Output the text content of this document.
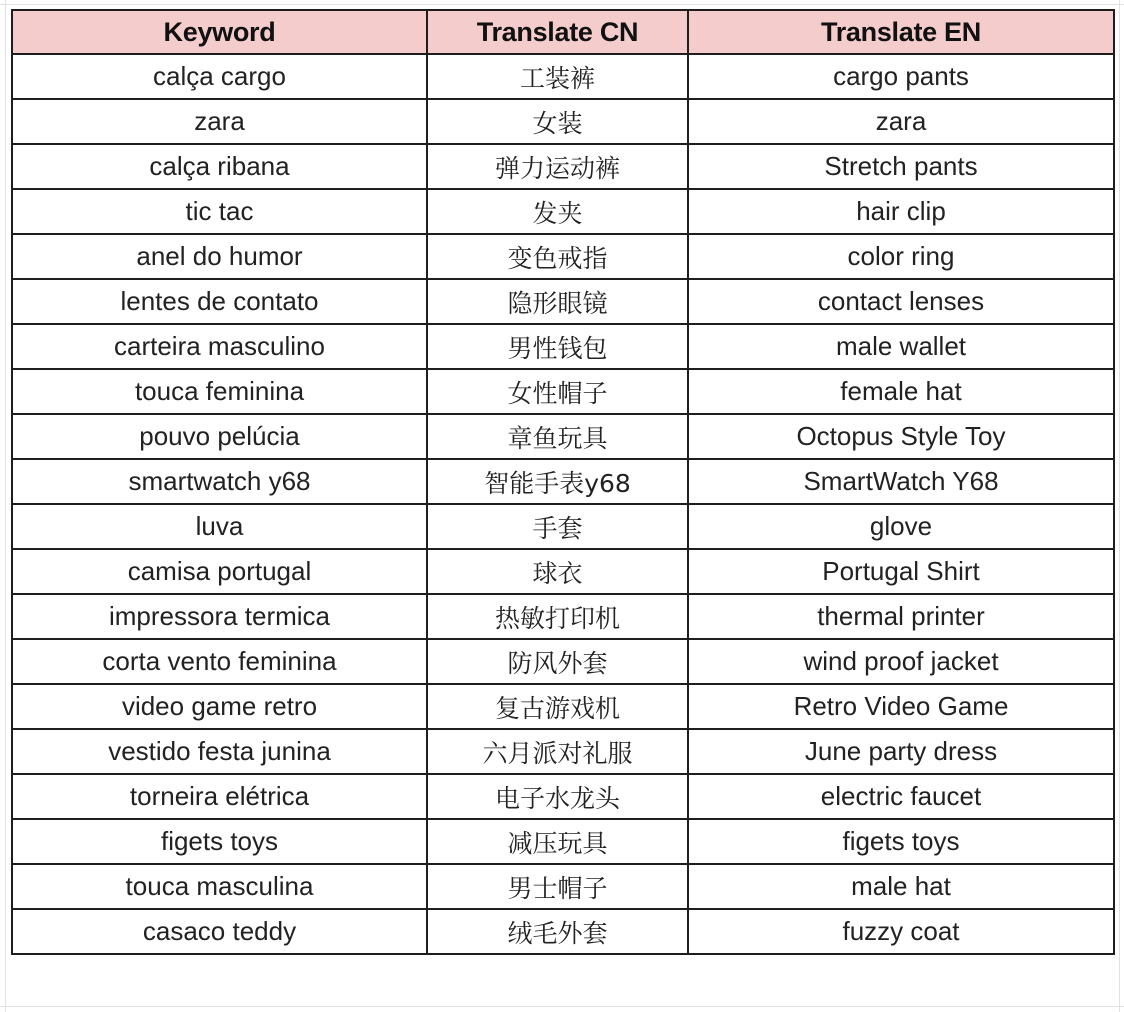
Keyword	Translate CN	Translate EN
calça cargo	工装裤	cargo pants
zara	女装	zara
calça ribana	弹力运动裤	Stretch pants
tic tac	发夹	hair clip
anel do humor	变色戒指	color ring
lentes de contato	隐形眼镜	contact lenses
carteira masculino	男性钱包	male wallet
touca feminina	女性帽子	female hat
pouvo pelúcia	章鱼玩具	Octopus Style Toy
smartwatch y68	智能手表y68	SmartWatch Y68
luva	手套	glove
camisa portugal	球衣	Portugal Shirt
impressora termica	热敏打印机	thermal printer
corta vento feminina	防风外套	wind proof jacket
video game retro	复古游戏机	Retro Video Game
vestido festa junina	六月派对礼服	June party dress
torneira elétrica	电子水龙头	electric faucet
figets toys	减压玩具	figets toys
touca masculina	男士帽子	male hat
casaco teddy	绒毛外套	fuzzy coat
